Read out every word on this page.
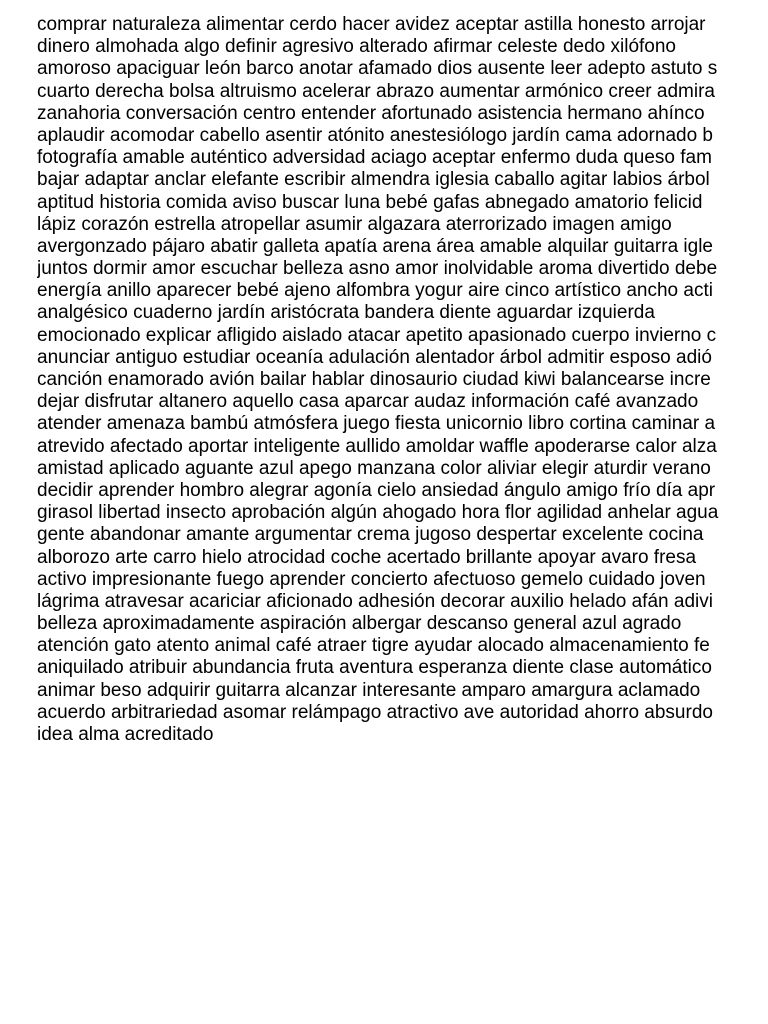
comprar naturaleza alimentar cerdo hacer avidez aceptar astilla honesto arrojar
dinero almohada algo definir agresivo alterado afirmar celeste dedo xilófono
amoroso apaciguar león barco anotar afamado dios ausente leer adepto astuto s
cuarto derecha bolsa altruismo acelerar abrazo aumentar armónico creer admira
zanahoria conversación centro entender afortunado asistencia hermano ahínco
aplaudir acomodar cabello asentir atónito anestesiólogo jardín cama adornado b
fotografía amable auténtico adversidad aciago aceptar enfermo duda queso fam
bajar adaptar anclar elefante escribir almendra iglesia caballo agitar labios árbol
aptitud historia comida aviso buscar luna bebé gafas abnegado amatorio felicid
lápiz corazón estrella atropellar asumir algazara aterrorizado imagen amigo
avergonzado pájaro abatir galleta apatía arena área amable alquilar guitarra igle
juntos dormir amor escuchar belleza asno amor inolvidable aroma divertido debe
energía anillo aparecer bebé ajeno alfombra yogur aire cinco artístico ancho acti
analgésico cuaderno jardín aristócrata bandera diente aguardar izquierda
emocionado explicar afligido aislado atacar apetito apasionado cuerpo invierno c
anunciar antiguo estudiar oceanía adulación alentador árbol admitir esposo adió
canción enamorado avión bailar hablar dinosaurio ciudad kiwi balancearse incre
dejar disfrutar altanero aquello casa aparcar audaz información café avanzado
atender amenaza bambú atmósfera juego fiesta unicornio libro cortina caminar a
atrevido afectado aportar inteligente aullido amoldar waffle apoderarse calor alza
amistad aplicado aguante azul apego manzana color aliviar elegir aturdir verano
decidir aprender hombro alegrar agonía cielo ansiedad ángulo amigo frío día apr
girasol libertad insecto aprobación algún ahogado hora flor agilidad anhelar agua
gente abandonar amante argumentar crema jugoso despertar excelente cocina
alborozo arte carro hielo atrocidad coche acertado brillante apoyar avaro fresa
activo impresionante fuego aprender concierto afectuoso gemelo cuidado joven
lágrima atravesar acariciar aficionado adhesión decorar auxilio helado afán adivi
belleza aproximadamente aspiración albergar descanso general azul agrado
atención gato atento animal café atraer tigre ayudar alocado almacenamiento fe
aniquilado atribuir abundancia fruta aventura esperanza diente clase automático
animar beso adquirir guitarra alcanzar interesante amparo amargura aclamado
acuerdo arbitrariedad asomar relámpago atractivo ave autoridad ahorro absurdo
idea alma acreditado
